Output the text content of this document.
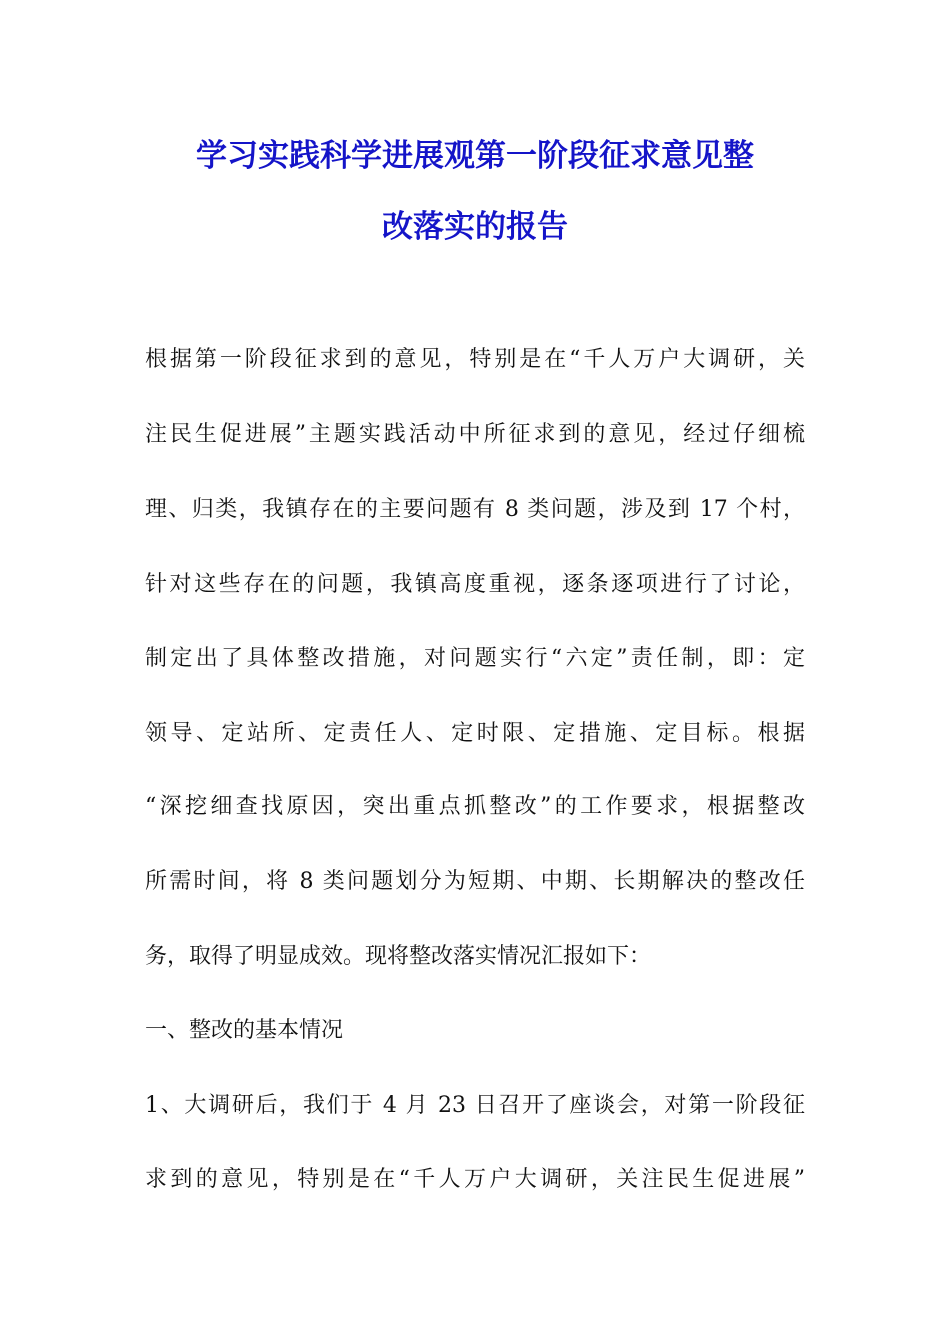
学习实践科学进展观第一阶段征求意见整
改落实的报告
根据第一阶段征求到的意见，特别是在“千人万户大调研，关
注民生促进展”主题实践活动中所征求到的意见，经过仔细梳
理、归类，我镇存在的主要问题有 8 类问题，涉及到 17 个村，
针对这些存在的问题，我镇高度重视，逐条逐项进行了讨论，
制定出了具体整改措施，对问题实行“六定”责任制，即：定
领导、定站所、定责任人、定时限、定措施、定目标。根据
“深挖细查找原因，突出重点抓整改”的工作要求，根据整改
所需时间，将 8 类问题划分为短期、中期、长期解决的整改任
务，取得了明显成效。现将整改落实情况汇报如下：
一、整改的基本情况
1、大调研后，我们于 4 月 23 日召开了座谈会，对第一阶段征
求到的意见，特别是在“千人万户大调研，关注民生促进展”
